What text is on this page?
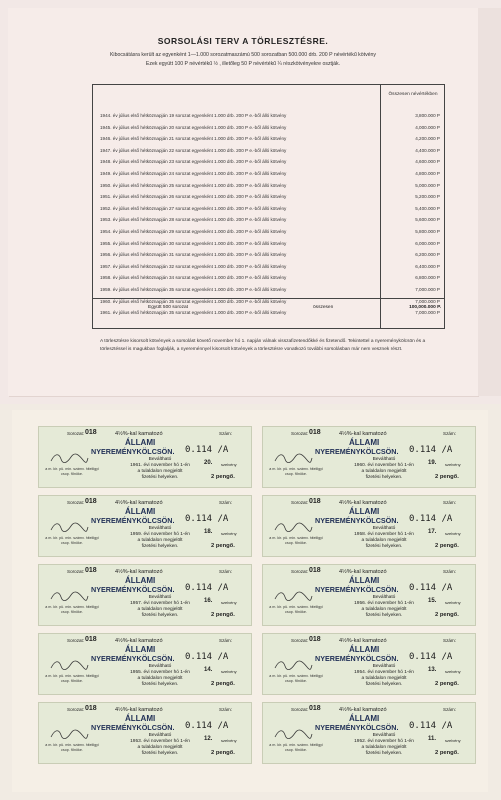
SORSOLÁSI TERV A TÖRLESZTÉSRE.
Kibocsátásra került az egyenként 1—1.000 sorozatmaszámú 500 sorozatban 500.000 drb. 200 P névértékű kötvény
Ezek együtt 100 P névértékű ½ , illetőleg 50 P névértékű ¼ részkötvényekre osztják.
Összesen névértékben
1944. év július első hétköznapján 19 sorozat egyenként 1.000 drb. 200 P e.-ből álló kötvény	3,800.000 P
1945. év július első hétköznapján 20 sorozat egyenként 1.000 drb. 200 P e.-ből álló kötvény	4,000.000 P
1946. év július első hétköznapján 21 sorozat egyenként 1.000 drb. 200 P e.-ből álló kötvény	4,200.000 P
1947. év július első hétköznapján 22 sorozat egyenként 1.000 drb. 200 P e.-ből álló kötvény	4,400.000 P
1948. év július első hétköznapján 23 sorozat egyenként 1.000 drb. 200 P e.-ből álló kötvény	4,600.000 P
1949. év július első hétköznapján 24 sorozat egyenként 1.000 drb. 200 P e.-ből álló kötvény	4,800.000 P
1950. év július első hétköznapján 25 sorozat egyenként 1.000 drb. 200 P e.-ből álló kötvény	5,000.000 P
1951. év július első hétköznapján 26 sorozat egyenként 1.000 drb. 200 P e.-ből álló kötvény	5,200.000 P
1952. év július első hétköznapján 27 sorozat egyenként 1.000 drb. 200 P e.-ből álló kötvény	5,400.000 P
1953. év július első hétköznapján 28 sorozat egyenként 1.000 drb. 200 P e.-ből álló kötvény	5,600.000 P
1954. év július első hétköznapján 29 sorozat egyenként 1.000 drb. 200 P e.-ből álló kötvény	5,800.000 P
1955. év július első hétköznapján 30 sorozat egyenként 1.000 drb. 200 P e.-ből álló kötvény	6,000.000 P
1956. év július első hétköznapján 31 sorozat egyenként 1.000 drb. 200 P e.-ből álló kötvény	6,200.000 P
1957. év július első hétköznapján 32 sorozat egyenként 1.000 drb. 200 P e.-ből álló kötvény	6,400.000 P
1958. év július első hétköznapján 34 sorozat egyenként 1.000 drb. 200 P e.-ből álló kötvény	6,800.000 P
1959. év július első hétköznapján 35 sorozat egyenként 1.000 drb. 200 P e.-ből álló kötvény	7,000.000 P
1960. év július első hétköznapján 35 sorozat egyenként 1.000 drb. 200 P e.-ből álló kötvény	7,000.000 P
1961. év július első hétköznapján 35 sorozat egyenként 1.000 drb. 200 P e.-ből álló kötvény	7,000.000 P
Együtt 500 sorozat	összesen	100,000.000 P.
A törlesztésre kisorsolt kötvények a sorsolást követő november hó 1. napján válnak visszafizetendőkké és fizetendő. Tekintettel a nyereménykölcsön és a törlesztéssel is magukban foglalják, a nyereménnyel kisorsolt kötvények a törlesztésre vonatkozó további sorsolásban már nem vesznek részt.
Sorozat: 018	4½%-kal kamatozó	Szám:
ÁLLAMI
NYEREMÉNYKÖLCSÖN. 0.114 /A
Beváltható
1961. évi november hó 1-én
a tulaldalon megjelölt
fizetési helyeken.
20. szelvény
2 pengő.
a m. kir. pü. min. számv. hiteliigyi csop. főnöke.
Sorozat: 018	4½%-kal kamatozó	Szám:
ÁLLAMI
NYEREMÉNYKÖLCSÖN. 0.114 /A
Beváltható
1960. évi november hó 1-én
a tulaldalon megjelölt
fizetési helyeken.
19. szelvény
2 pengő.
a m. kir. pü. min. számv. hiteliigyi csop. főnöke.
Sorozat: 018	4½%-kal kamatozó	Szám:
ÁLLAMI
NYEREMÉNYKÖLCSÖN. 0.114 /A
Beváltható
1959. évi november hó 1-én
a tulaldalon megjelölt
fizetési helyeken.
18. szelvény
2 pengő.
a m. kir. pü. min. számv. hiteliigyi csop. főnöke.
Sorozat: 018	4½%-kal kamatozó	Szám:
ÁLLAMI
NYEREMÉNYKÖLCSÖN. 0.114 /A
Beváltható
1958. évi november hó 1-én
a tulaldalon megjelölt
fizetési helyeken.
17. szelvény
2 pengő.
a m. kir. pü. min. számv. hiteliigyi csop. főnöke.
Sorozat: 018	4½%-kal kamatozó	Szám:
ÁLLAMI
NYEREMÉNYKÖLCSÖN. 0.114 /A
Beváltható
1957. évi november hó 1-én
a tulaldalon megjelölt
fizetési helyeken.
16. szelvény
2 pengő.
a m. kir. pü. min. számv. hiteliigyi csop. főnöke.
Sorozat: 018	4½%-kal kamatozó	Szám:
ÁLLAMI
NYEREMÉNYKÖLCSÖN. 0.114 /A
Beváltható
1956. évi november hó 1-én
a tulaldalon megjelölt
fizetési helyeken.
15. szelvény
2 pengő.
a m. kir. pü. min. számv. hiteliigyi csop. főnöke.
Sorozat: 018	4½%-kal kamatozó	Szám:
ÁLLAMI
NYEREMÉNYKÖLCSÖN. 0.114 /A
Beváltható
1955. évi november hó 1-én
a tulaldalon megjelölt
fizetési helyeken.
14. szelvény
2 pengő.
a m. kir. pü. min. számv. hiteliigyi csop. főnöke.
Sorozat: 018	4½%-kal kamatozó	Szám:
ÁLLAMI
NYEREMÉNYKÖLCSÖN. 0.114 /A
Beváltható
1954. évi november hó 1-én
a tulaldalon megjelölt
fizetési helyeken.
13. szelvény
2 pengő.
a m. kir. pü. min. számv. hiteliigyi csop. főnöke.
Sorozat: 018	4½%-kal kamatozó	Szám:
ÁLLAMI
NYEREMÉNYKÖLCSÖN. 0.114 /A
Beváltható
1953. évi november hó 1-én
a tulaldalon megjelölt
fizetési helyeken.
12. szelvény
2 pengő.
a m. kir. pü. min. számv. hiteliigyi csop. főnöke.
Sorozat: 018	4½%-kal kamatozó	Szám:
ÁLLAMI
NYEREMÉNYKÖLCSÖN. 0.114 /A
Beváltható
1952. évi november hó 1-én
a tulaldalon megjelölt
fizetési helyeken.
11. szelvény
2 pengő.
a m. kir. pü. min. számv. hiteliigyi csop. főnöke.
